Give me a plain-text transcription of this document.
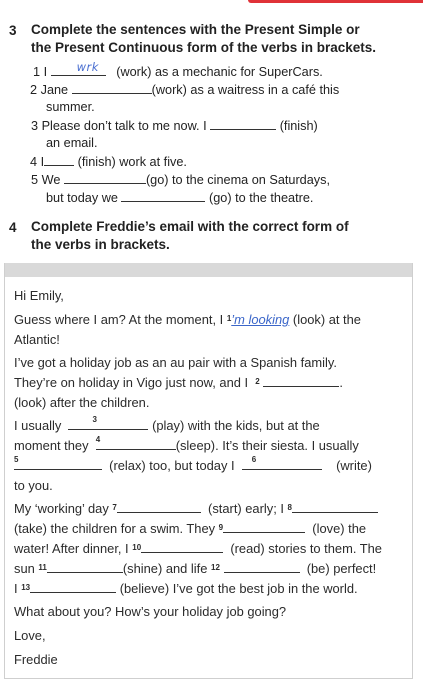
3 Complete the sentences with the Present Simple or
the Present Continuous form of the verbs in brackets.
1 I	wrk (work) as a mechanic for SuperCars.
2 Jane	(work) as a waitress in a café this
summer.
3 Please don’t talk to me now. I	(finish)
an email.
4 I	(finish) work at five.
5 We	(go) to the cinema on Saturdays,
but today we	(go) to the theatre.
4 Complete Freddie’s email with the correct form of
the verbs in brackets.
Hi Emily,
Guess where I am? At the moment, I $^1$’m looking (look) at the
Atlantic!
I’ve got a holiday job as an au pair with a Spanish family.
They’re on holiday in Vigo just now, and I $^2$	.
(look) after the children.
I usually	3	(play) with the kids, but at the
moment they 4	(sleep). It’s their siesta. I usually
5	(relax) too, but today I 6	(write)
to you.
My ‘working’ day $^7$	(start) early; I $^8$
(take) the children for a swim. They $^9$	(love) the
water! After dinner, I $^{10}$	(read) stories to them. The
sun $^{11}$	(shine) and life $^{12}$	(be) perfect!
I $^{13}$	(believe) I’ve got the best job in the world.
What about you? How’s your holiday job going?
Love,
Freddie
